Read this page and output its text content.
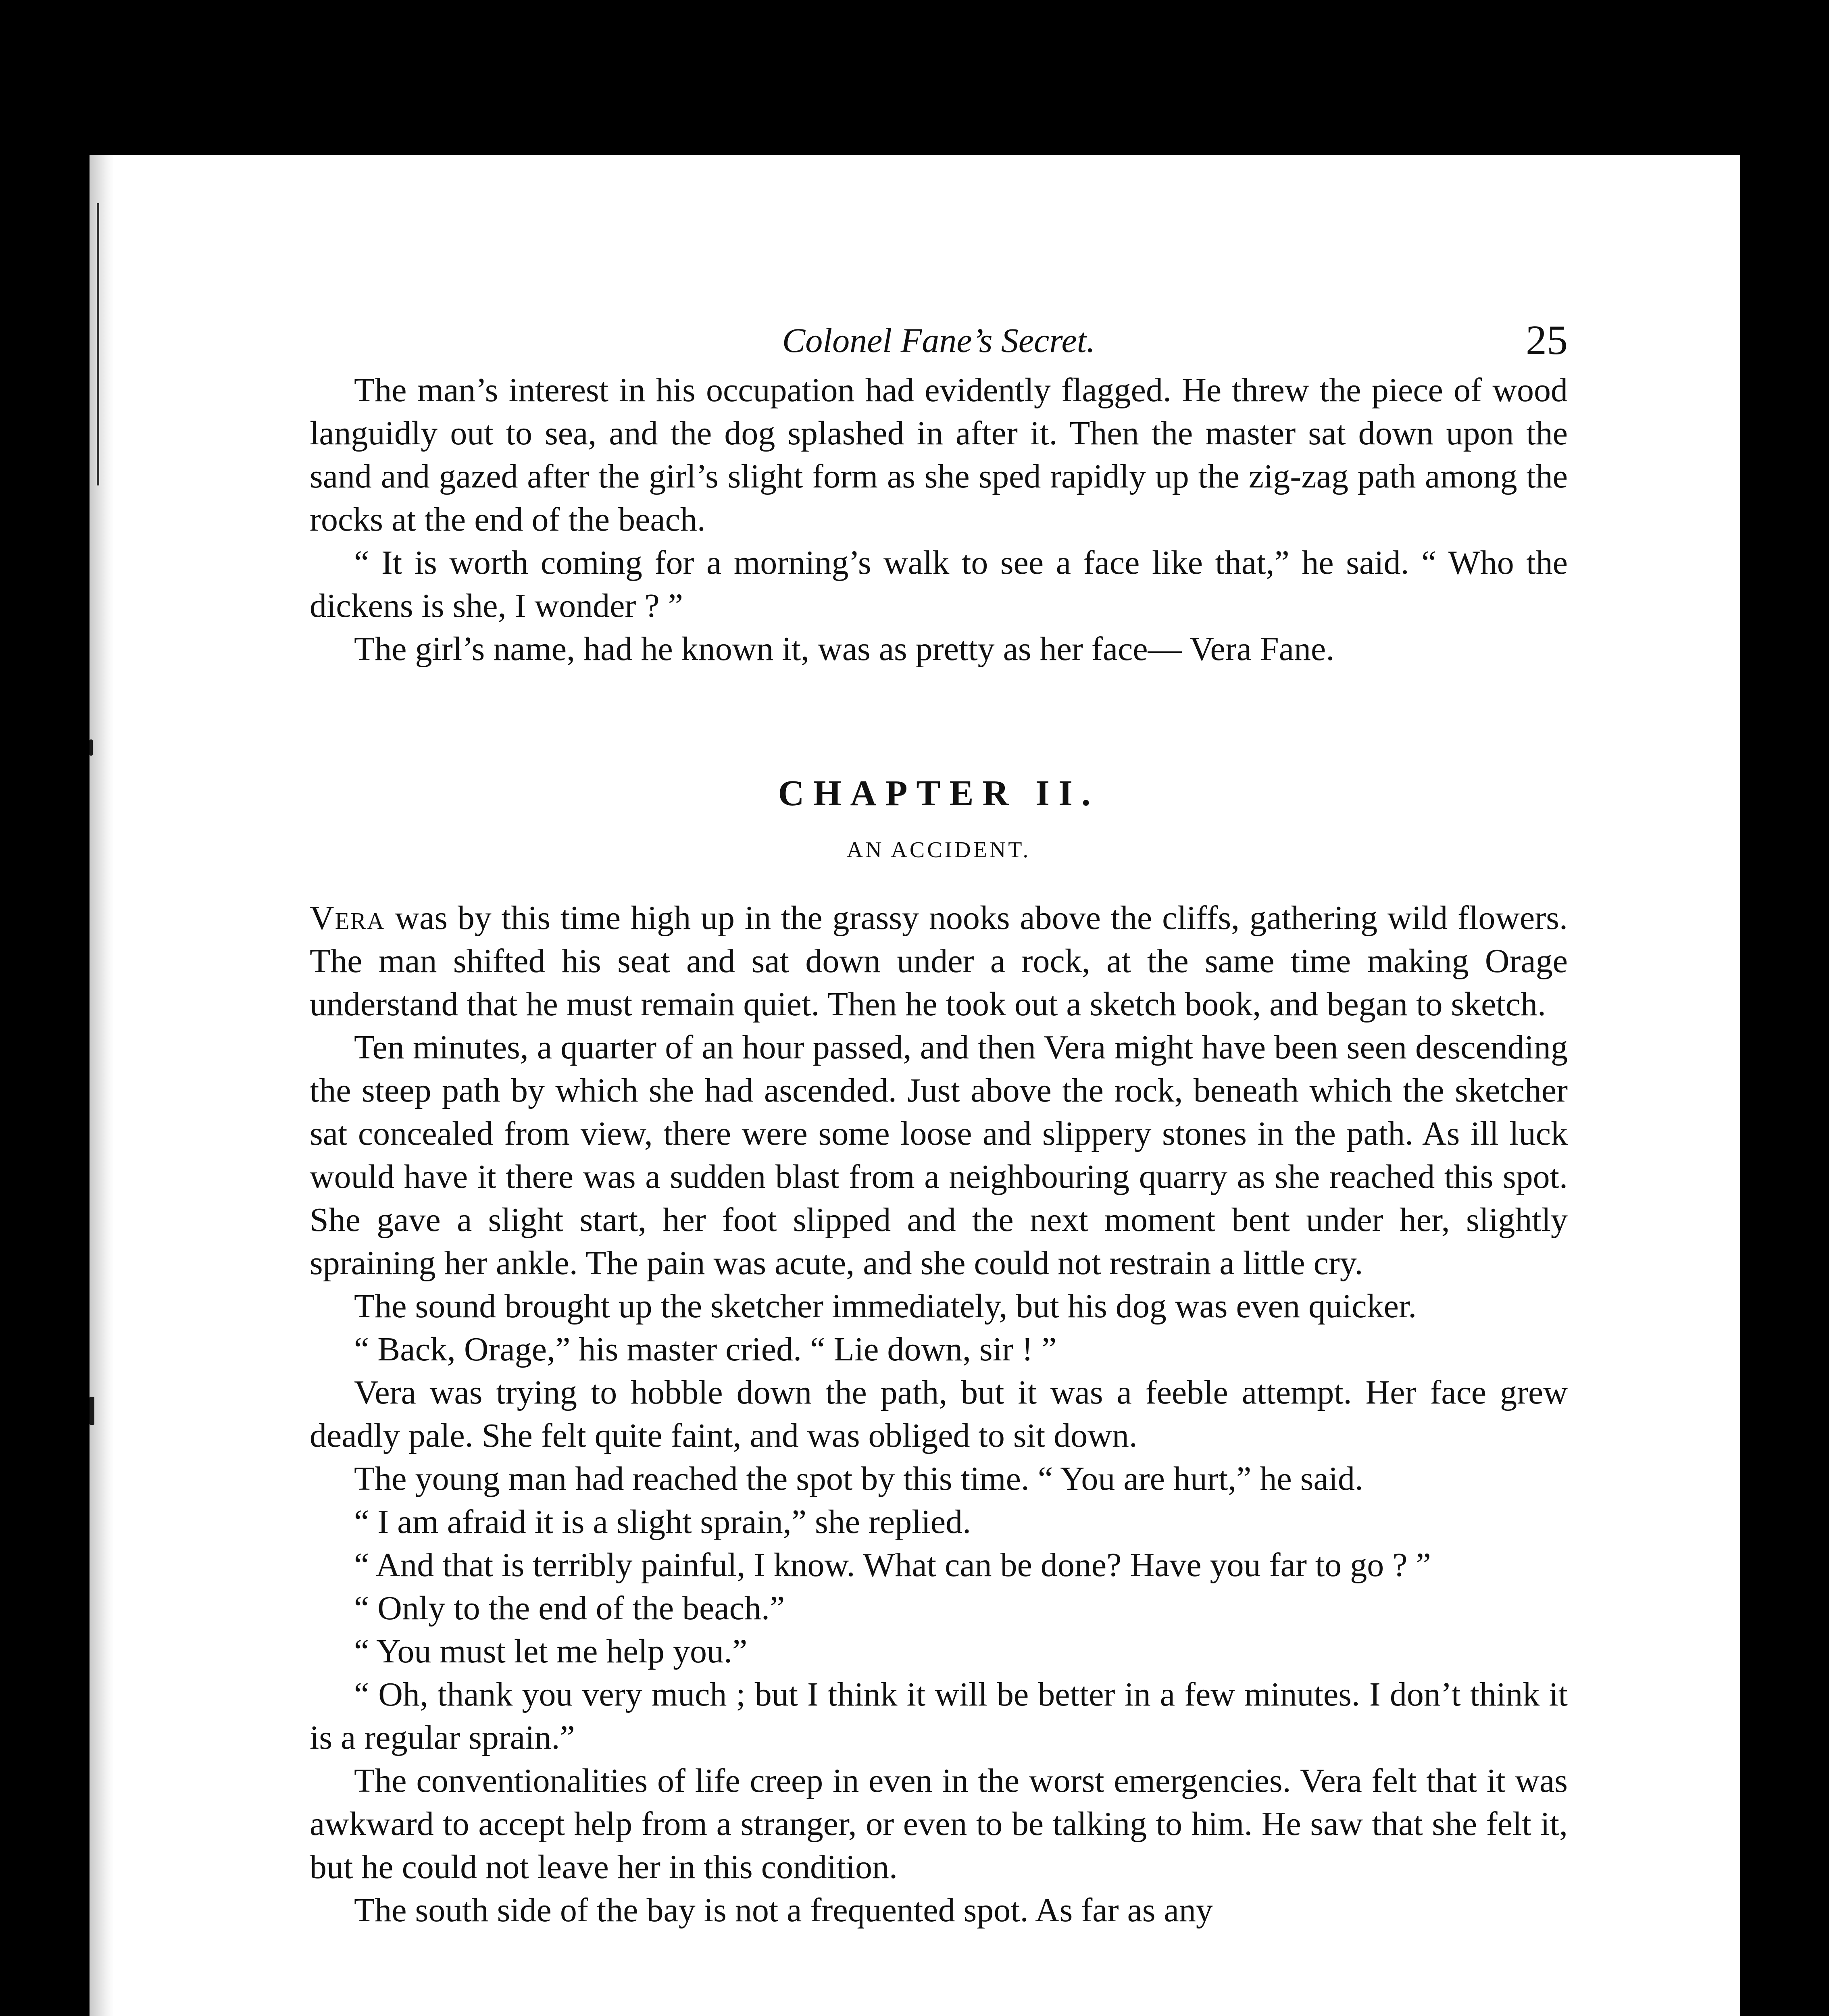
Colonel Fane’s Secret.	25

The man’s interest in his occupation had evidently flagged. He threw the piece of wood languidly out to sea, and the dog splashed in after it. Then the master sat down upon the sand and gazed after the girl’s slight form as she sped rapidly up the zig-zag path among the rocks at the end of the beach.

“ It is worth coming for a morning’s walk to see a face like that,” he said. “ Who the dickens is she, I wonder ? ”

The girl’s name, had he known it, was as pretty as her face— Vera Fane.

CHAPTER II.
AN ACCIDENT.

Vera was by this time high up in the grassy nooks above the cliffs, gathering wild flowers. The man shifted his seat and sat down under a rock, at the same time making Orage understand that he must remain quiet. Then he took out a sketch book, and began to sketch.

Ten minutes, a quarter of an hour passed, and then Vera might have been seen descending the steep path by which she had ascended. Just above the rock, beneath which the sketcher sat concealed from view, there were some loose and slippery stones in the path. As ill luck would have it there was a sudden blast from a neighbouring quarry as she reached this spot. She gave a slight start, her foot slipped and the next moment bent under her, slightly spraining her ankle. The pain was acute, and she could not restrain a little cry.

The sound brought up the sketcher immediately, but his dog was even quicker.

“ Back, Orage,” his master cried. “ Lie down, sir ! ”

Vera was trying to hobble down the path, but it was a feeble attempt. Her face grew deadly pale. She felt quite faint, and was obliged to sit down.

The young man had reached the spot by this time. “ You are hurt,” he said.

“ I am afraid it is a slight sprain,” she replied.

“ And that is terribly painful, I know. What can be done? Have you far to go ? ”

“ Only to the end of the beach.”

“ You must let me help you.”

“ Oh, thank you very much ; but I think it will be better in a few minutes. I don’t think it is a regular sprain.”

The conventionalities of life creep in even in the worst emergencies. Vera felt that it was awkward to accept help from a stranger, or even to be talking to him. He saw that she felt it, but he could not leave her in this condition.

The south side of the bay is not a frequented spot. As far as any
